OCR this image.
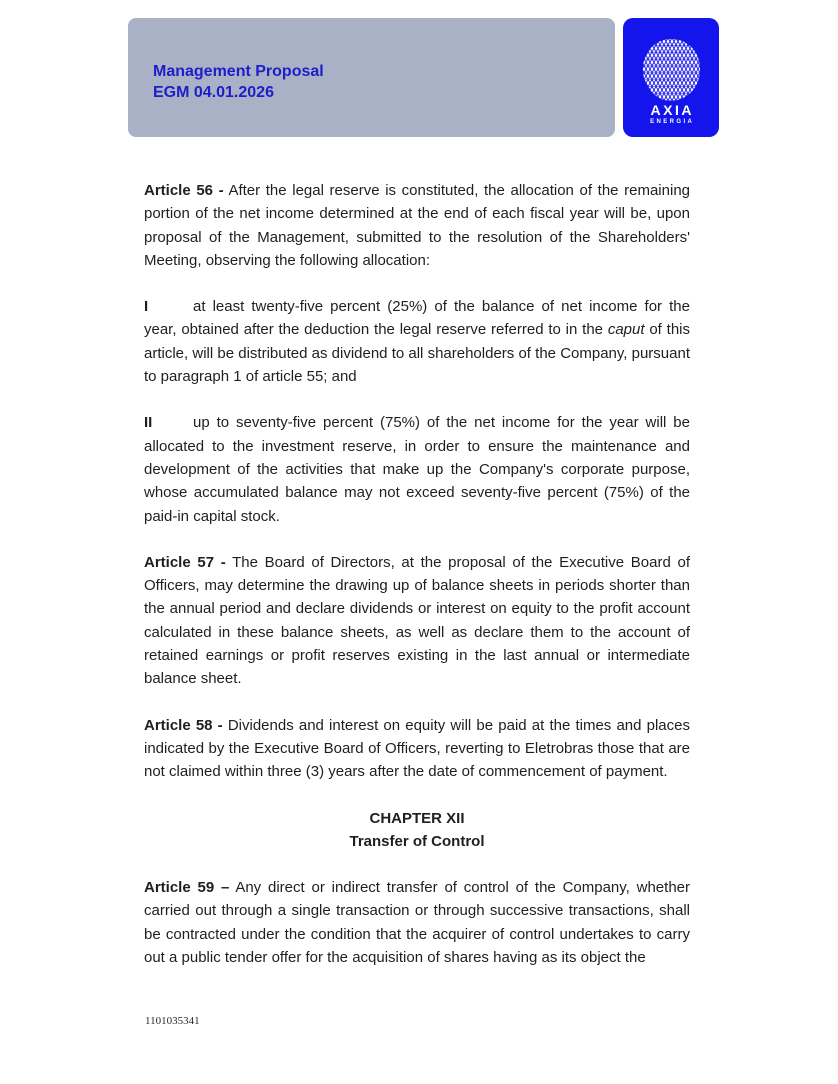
Management Proposal
EGM 04.01.2026
AXIA
ENERGIA

Article 56 - After the legal reserve is constituted, the allocation of the remaining portion of the net income determined at the end of each fiscal year will be, upon proposal of the Management, submitted to the resolution of the Shareholders' Meeting, observing the following allocation:

I	at least twenty-five percent (25%) of the balance of net income for the year, obtained after the deduction the legal reserve referred to in the caput of this article, will be distributed as dividend to all shareholders of the Company, pursuant to paragraph 1 of article 55; and

II	up to seventy-five percent (75%) of the net income for the year will be allocated to the investment reserve, in order to ensure the maintenance and development of the activities that make up the Company's corporate purpose, whose accumulated balance may not exceed seventy-five percent (75%) of the paid-in capital stock.

Article 57 - The Board of Directors, at the proposal of the Executive Board of Officers, may determine the drawing up of balance sheets in periods shorter than the annual period and declare dividends or interest on equity to the profit account calculated in these balance sheets, as well as declare them to the account of retained earnings or profit reserves existing in the last annual or intermediate balance sheet.

Article 58 - Dividends and interest on equity will be paid at the times and places indicated by the Executive Board of Officers, reverting to Eletrobras those that are not claimed within three (3) years after the date of commencement of payment.

CHAPTER XII
Transfer of Control

Article 59 – Any direct or indirect transfer of control of the Company, whether carried out through a single transaction or through successive transactions, shall be contracted under the condition that the acquirer of control undertakes to carry out a public tender offer for the acquisition of shares having as its object the

1101035341
